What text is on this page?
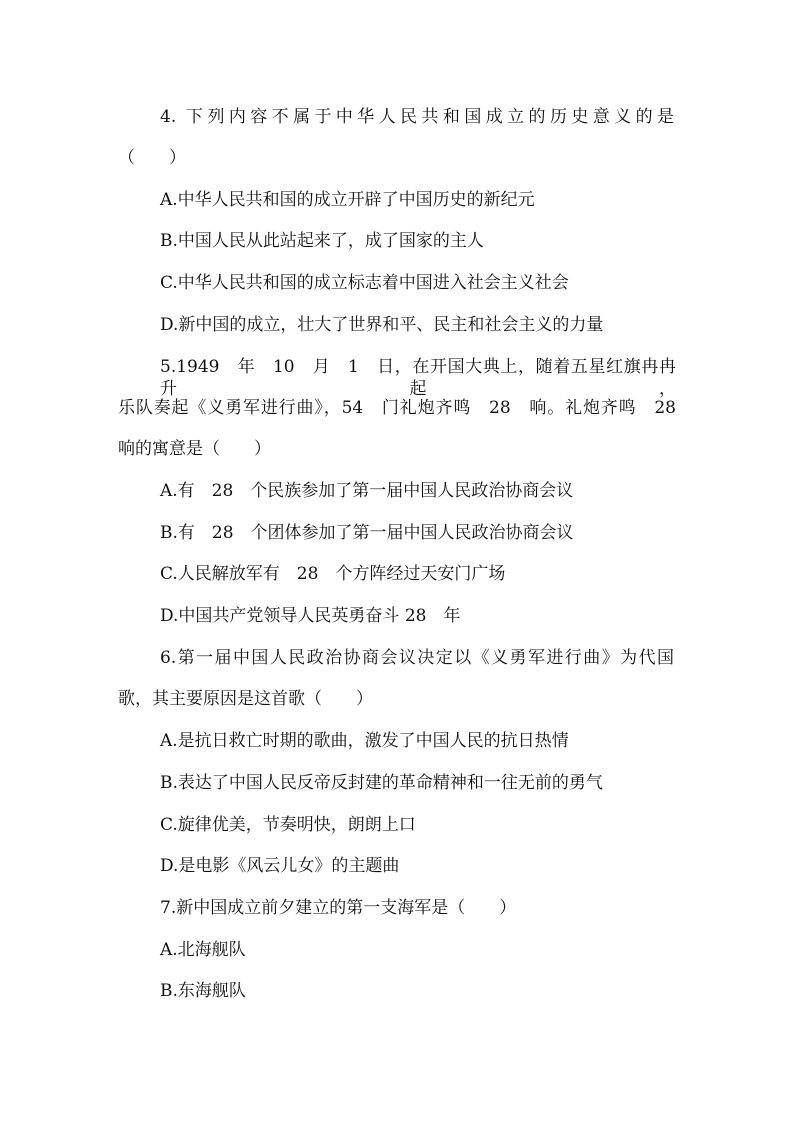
4. 下列内容不属于中华人民共和国成立的历史意义的是
（　　）
A.中华人民共和国的成立开辟了中国历史的新纪元
B.中国人民从此站起来了，成了国家的主人
C.中华人民共和国的成立标志着中国进入社会主义社会
D.新中国的成立，壮大了世界和平、民主和社会主义的力量
5.1949　年　10　月　1　日，在开国大典上，随着五星红旗冉冉升起，
乐队奏起《义勇军进行曲》，54　门礼炮齐鸣　28　响。礼炮齐鸣　28
响的寓意是（　　）
A.有　28　个民族参加了第一届中国人民政治协商会议
B.有　28　个团体参加了第一届中国人民政治协商会议
C.人民解放军有　28　个方阵经过天安门广场
D.中国共产党领导人民英勇奋斗 28　年
6.第一届中国人民政治协商会议决定以《义勇军进行曲》为代国
歌，其主要原因是这首歌（　　）
A.是抗日救亡时期的歌曲，激发了中国人民的抗日热情
B.表达了中国人民反帝反封建的革命精神和一往无前的勇气
C.旋律优美，节奏明快，朗朗上口
D.是电影《风云儿女》的主题曲
7.新中国成立前夕建立的第一支海军是（　　）
A.北海舰队
B.东海舰队
